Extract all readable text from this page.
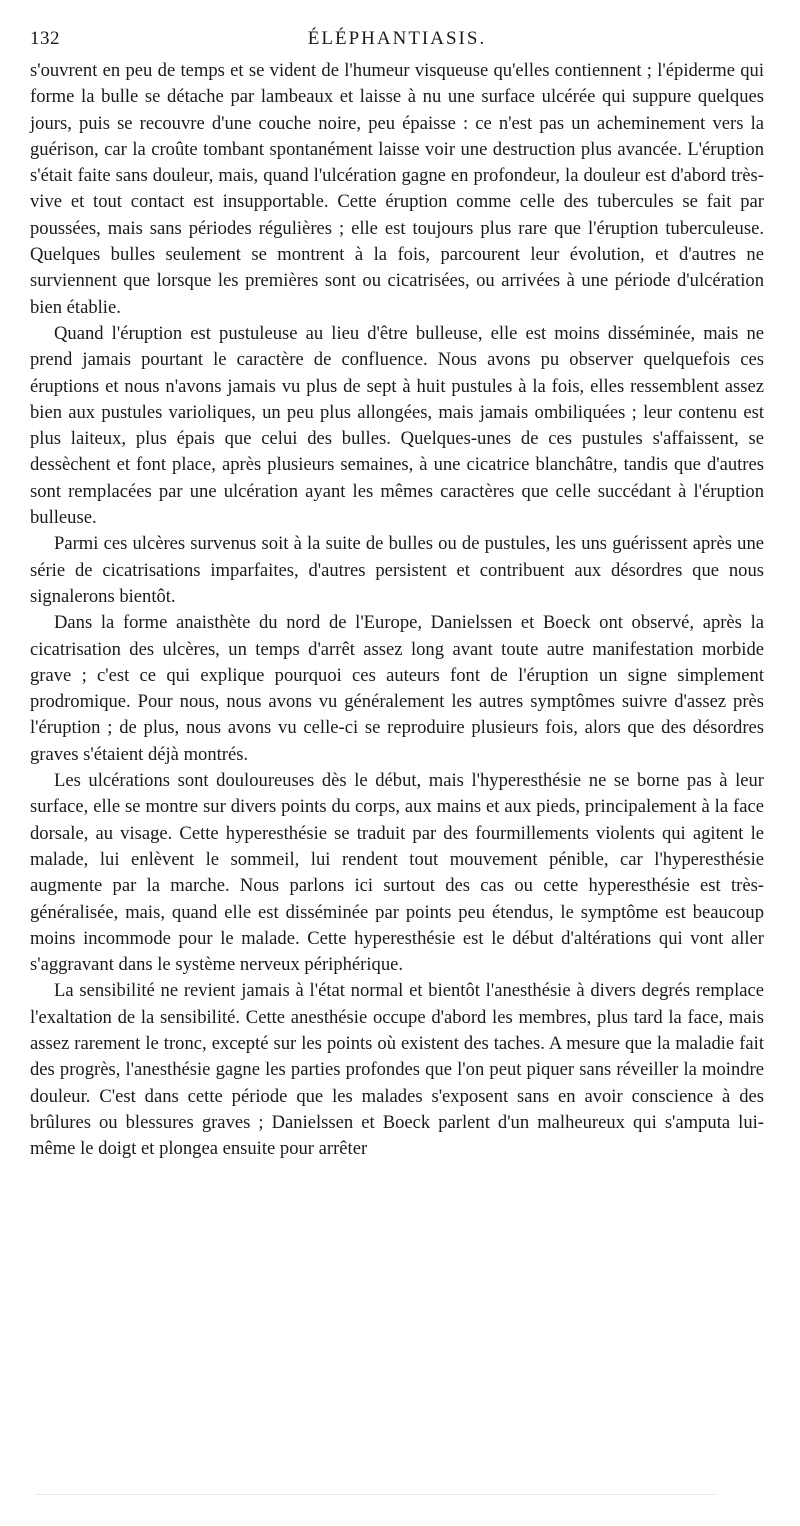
132	ÉLÉPHANTIASIS.

s'ouvrent en peu de temps et se vident de l'humeur visqueuse qu'elles contiennent ; l'épiderme qui forme la bulle se détache par lambeaux et laisse à nu une surface ulcérée qui suppure quelques jours, puis se recouvre d'une couche noire, peu épaisse : ce n'est pas un acheminement vers la guérison, car la croûte tombant spontanément laisse voir une destruction plus avancée. L'éruption s'était faite sans douleur, mais, quand l'ulcération gagne en profondeur, la douleur est d'abord très-vive et tout contact est insupportable. Cette éruption comme celle des tubercules se fait par poussées, mais sans périodes régulières ; elle est toujours plus rare que l'éruption tuberculeuse. Quelques bulles seulement se montrent à la fois, parcourent leur évolution, et d'autres ne surviennent que lorsque les premières sont ou cicatrisées, ou arrivées à une période d'ulcération bien établie.

Quand l'éruption est pustuleuse au lieu d'être bulleuse, elle est moins disséminée, mais ne prend jamais pourtant le caractère de confluence. Nous avons pu observer quelquefois ces éruptions et nous n'avons jamais vu plus de sept à huit pustules à la fois, elles ressemblent assez bien aux pustules varioliques, un peu plus allongées, mais jamais ombiliquées ; leur contenu est plus laiteux, plus épais que celui des bulles. Quelques-unes de ces pustules s'affaissent, se dessèchent et font place, après plusieurs semaines, à une cicatrice blanchâtre, tandis que d'autres sont remplacées par une ulcération ayant les mêmes caractères que celle succédant à l'éruption bulleuse.

Parmi ces ulcères survenus soit à la suite de bulles ou de pustules, les uns guérissent après une série de cicatrisations imparfaites, d'autres persistent et contribuent aux désordres que nous signalerons bientôt.

Dans la forme anaisthète du nord de l'Europe, Danielssen et Boeck ont observé, après la cicatrisation des ulcères, un temps d'arrêt assez long avant toute autre manifestation morbide grave ; c'est ce qui explique pourquoi ces auteurs font de l'éruption un signe simplement prodromique. Pour nous, nous avons vu généralement les autres symptômes suivre d'assez près l'éruption ; de plus, nous avons vu celle-ci se reproduire plusieurs fois, alors que des désordres graves s'étaient déjà montrés.

Les ulcérations sont douloureuses dès le début, mais l'hyperesthésie ne se borne pas à leur surface, elle se montre sur divers points du corps, aux mains et aux pieds, principalement à la face dorsale, au visage. Cette hyperesthésie se traduit par des fourmillements violents qui agitent le malade, lui enlèvent le sommeil, lui rendent tout mouvement pénible, car l'hyperesthésie augmente par la marche. Nous parlons ici surtout des cas ou cette hyperesthésie est très-généralisée, mais, quand elle est disséminée par points peu étendus, le symptôme est beaucoup moins incommode pour le malade. Cette hyperesthésie est le début d'altérations qui vont aller s'aggravant dans le système nerveux périphérique.

La sensibilité ne revient jamais à l'état normal et bientôt l'anesthésie à divers degrés remplace l'exaltation de la sensibilité. Cette anesthésie occupe d'abord les membres, plus tard la face, mais assez rarement le tronc, excepté sur les points où existent des taches. A mesure que la maladie fait des progrès, l'anesthésie gagne les parties profondes que l'on peut piquer sans réveiller la moindre douleur. C'est dans cette période que les malades s'exposent sans en avoir conscience à des brûlures ou blessures graves ; Danielssen et Boeck parlent d'un malheureux qui s'amputa lui-même le doigt et plongea ensuite pour arrêter
